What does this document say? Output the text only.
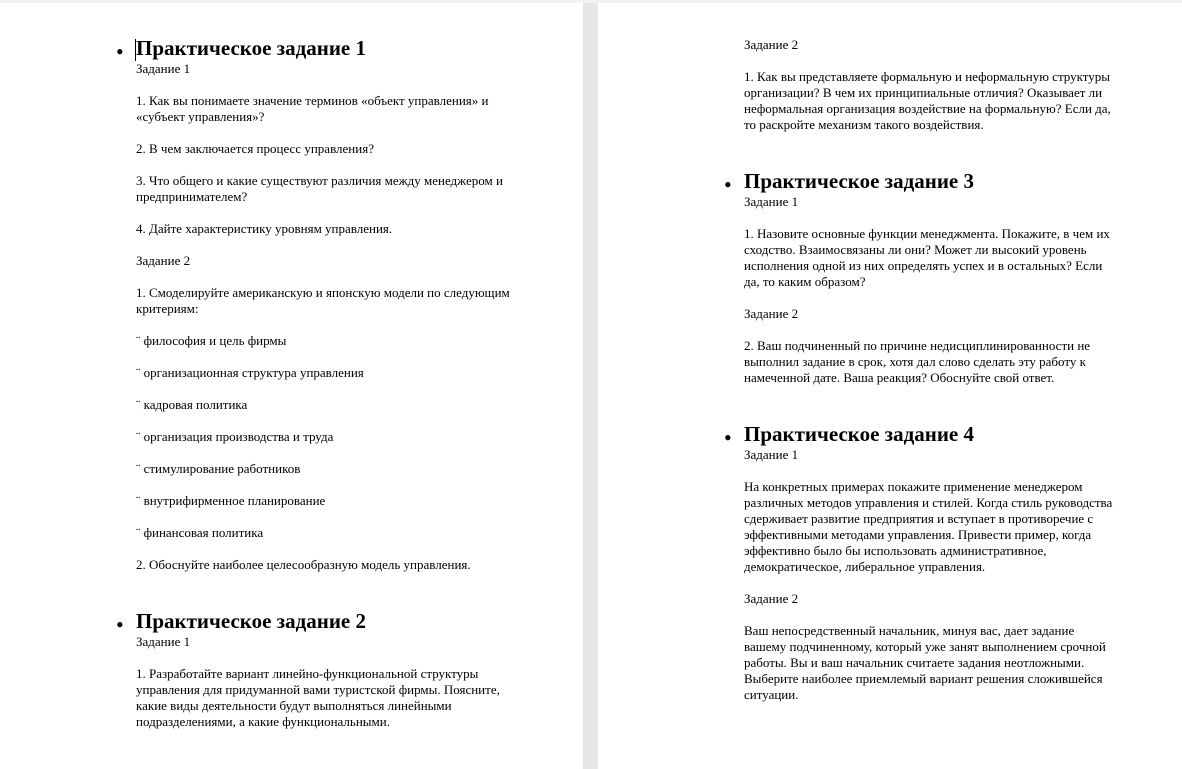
• Практическое задание 1

Задание 1

1. Как вы понимаете значение терминов «объект управления» и «субъект управления»?

2. В чем заключается процесс управления?

3. Что общего и какие существуют различия между менеджером и предпринимателем?

4. Дайте характеристику уровням управления.

Задание 2

1. Смоделируйте американскую и японскую модели по следующим критериям:

¨ философия и цель фирмы

¨ организационная структура управления

¨ кадровая политика

¨ организация производства и труда

¨ стимулирование работников

¨ внутрифирменное планирование

¨ финансовая политика

2. Обоснуйте наиболее целесообразную модель управления.

• Практическое задание 2

Задание 1

1. Разработайте вариант линейно-функциональной структуры управления для придуманной вами туристской фирмы. Поясните, какие виды деятельности будут выполняться линейными подразделениями, а какие функциональными.

Задание 2

1. Как вы представляете формальную и неформальную структуры организации? В чем их принципиальные отличия? Оказывает ли неформальная организация воздействие на формальную? Если да, то раскройте механизм такого воздействия.

• Практическое задание 3

Задание 1

1. Назовите основные функции менеджмента. Покажите, в чем их сходство. Взаимосвязаны ли они? Может ли высокий уровень исполнения одной из них определять успех и в остальных? Если да, то каким образом?

Задание 2

2. Ваш подчиненный по причине недисциплинированности не выполнил задание в срок, хотя дал слово сделать эту работу к намеченной дате. Ваша реакция? Обоснуйте свой ответ.

• Практическое задание 4

Задание 1

На конкретных примерах покажите применение менеджером различных методов управления и стилей. Когда стиль руководства сдерживает развитие предприятия и вступает в противоречие с эффективными методами управления. Привести пример, когда эффективно было бы использовать административное, демократическое, либеральное управления.

Задание 2

Ваш непосредственный начальник, минуя вас, дает задание вашему подчиненному, который уже занят выполнением срочной работы. Вы и ваш начальник считаете задания неотложными. Выберите наиболее приемлемый вариант решения сложившейся ситуации.
